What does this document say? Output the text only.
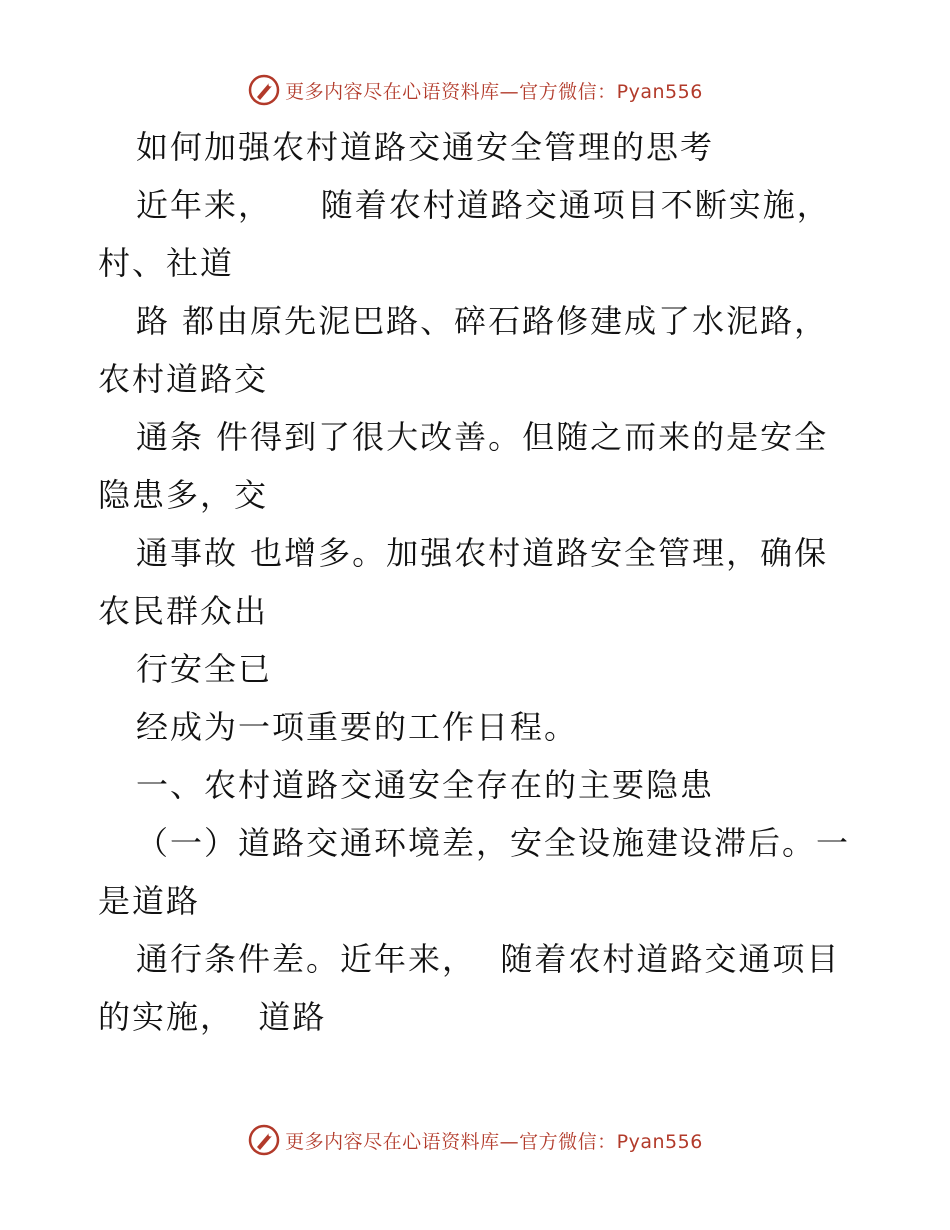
更多内容尽在心语资料库—官方微信：Pyan556
如何加强农村道路交通安全管理的思考
近年来，    随着农村道路交通项目不断实施，
村、社道
路 都由原先泥巴路、碎石路修建成了水泥路，
农村道路交
通条 件得到了很大改善。但随之而来的是安全
隐患多，交
通事故 也增多。加强农村道路安全管理，确保
农民群众出
行安全已
经成为一项重要的工作日程。
一、农村道路交通安全存在的主要隐患
（一）道路交通环境差，安全设施建设滞后。一
是道路
通行条件差。近年来，  随着农村道路交通项目
的实施，  道路
更多内容尽在心语资料库—官方微信：Pyan556
